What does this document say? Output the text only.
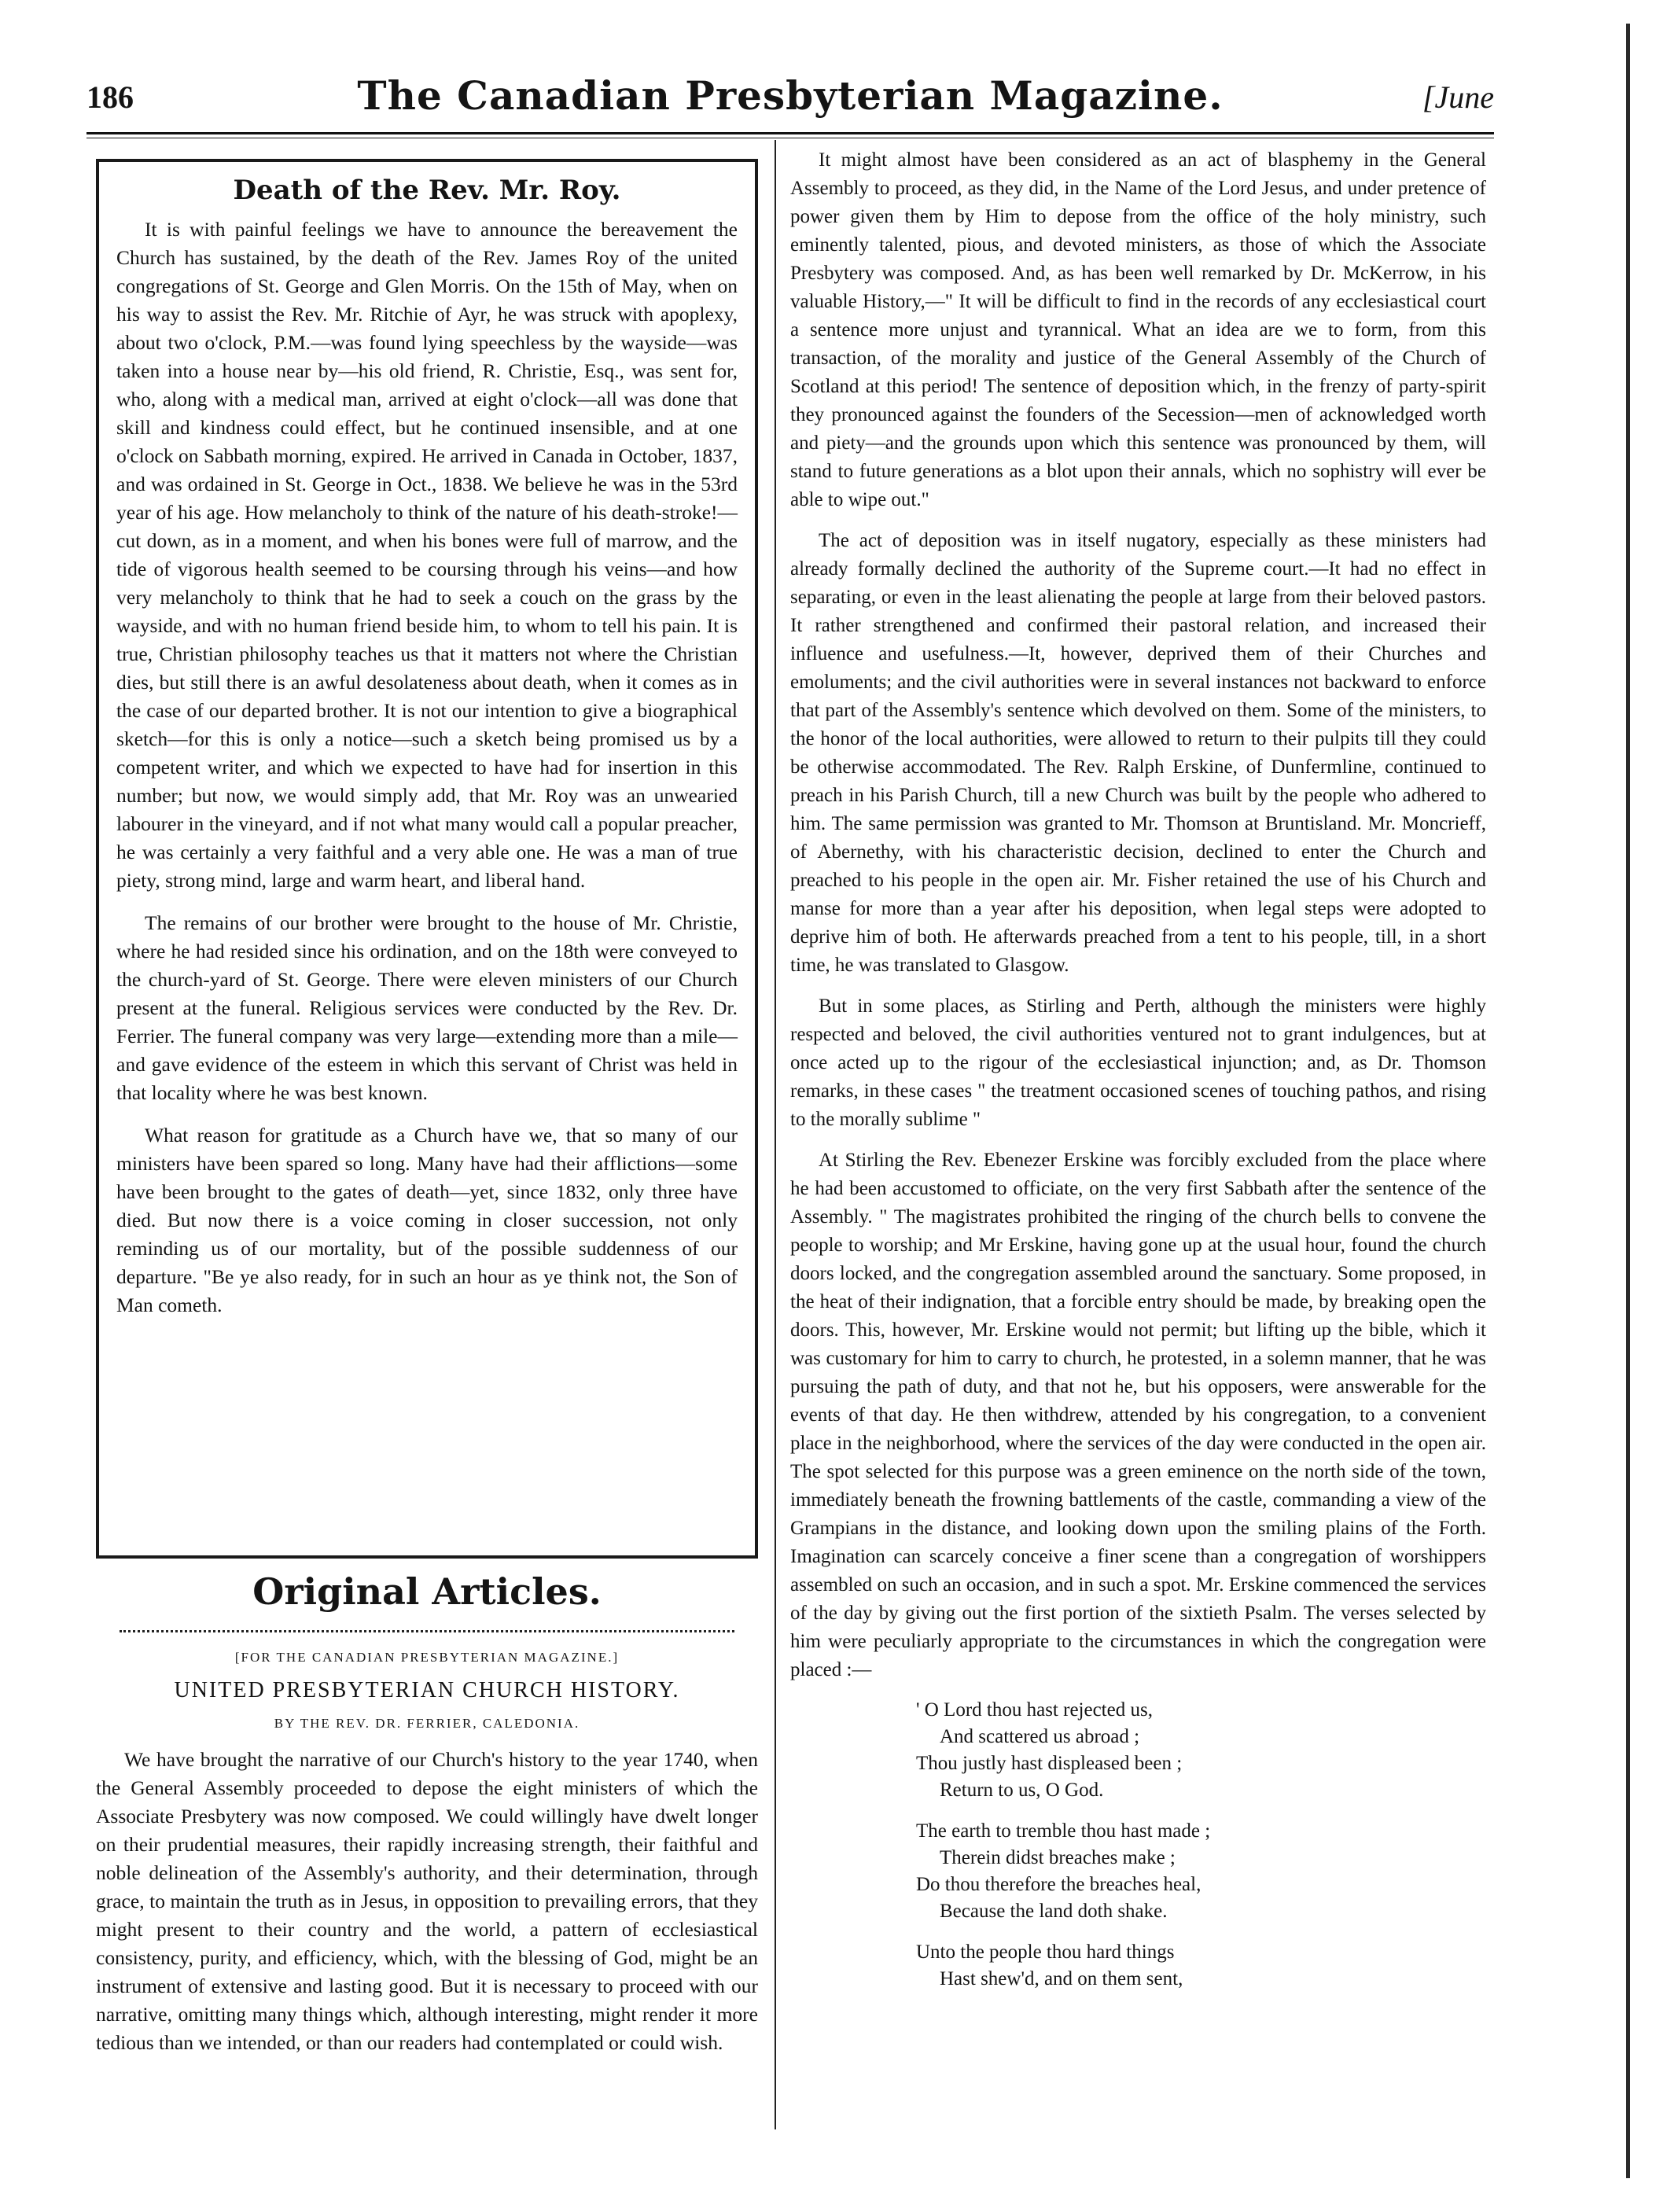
186	The Canadian Presbyterian Magazine.	[June
Death of the Rev. Mr. Roy.

It is with painful feelings we have to announce the bereavement the Church has sustained, by the death of the Rev. James Roy of the united congregations of St. George and Glen Morris. On the 15th of May, when on his way to assist the Rev. Mr. Ritchie of Ayr, he was struck with apoplexy, about two o'clock, P.M.—was found lying speechless by the wayside—was taken into a house near by—his old friend, R. Christie, Esq., was sent for, who, along with a medical man, arrived at eight o'clock—all was done that skill and kindness could effect, but he continued insensible, and at one o'clock on Sabbath morning, expired. He arrived in Canada in October, 1837, and was ordained in St. George in Oct., 1838. We believe he was in the 53rd year of his age. How melancholy to think of the nature of his death-stroke!—cut down, as in a moment, and when his bones were full of marrow, and the tide of vigorous health seemed to be coursing through his veins—and how very melancholy to think that he had to seek a couch on the grass by the wayside, and with no human friend beside him, to whom to tell his pain. It is true, Christian philosophy teaches us that it matters not where the Christian dies, but still there is an awful desolateness about death, when it comes as in the case of our departed brother. It is not our intention to give a biographical sketch—for this is only a notice—such a sketch being promised us by a competent writer, and which we expected to have had for insertion in this number; but now, we would simply add, that Mr. Roy was an unwearied labourer in the vineyard, and if not what many would call a popular preacher, he was certainly a very faithful and a very able one. He was a man of true piety, strong mind, large and warm heart, and liberal hand.

The remains of our brother were brought to the house of Mr. Christie, where he had resided since his ordination, and on the 18th were conveyed to the church-yard of St. George. There were eleven ministers of our Church present at the funeral. Religious services were conducted by the Rev. Dr. Ferrier. The funeral company was very large—extending more than a mile—and gave evidence of the esteem in which this servant of Christ was held in that locality where he was best known.

What reason for gratitude as a Church have we, that so many of our ministers have been spared so long. Many have had their afflictions—some have been brought to the gates of death—yet, since 1832, only three have died. But now there is a voice coming in closer succession, not only reminding us of our mortality, but of the possible suddenness of our departure. "Be ye also ready, for in such an hour as ye think not, the Son of Man cometh.

Original Articles.
[FOR THE CANADIAN PRESBYTERIAN MAGAZINE.]
UNITED PRESBYTERIAN CHURCH HISTORY.
BY THE REV. DR. FERRIER, CALEDONIA.

We have brought the narrative of our Church's history to the year 1740, when the General Assembly proceeded to depose the eight ministers of which the Associate Presbytery was now composed. We could willingly have dwelt longer on their prudential measures, their rapidly increasing strength, their faithful and noble delineation of the Assembly's authority, and their determination, through grace, to maintain the truth as in Jesus, in opposition to prevailing errors, that they might present to their country and the world, a pattern of ecclesiastical consistency, purity, and efficiency, which, with the blessing of God, might be an instrument of extensive and lasting good. But it is necessary to proceed with our narrative, omitting many things which, although interesting, might render it more tedious than we intended, or than our readers had contemplated or could wish.

It might almost have been considered as an act of blasphemy in the General Assembly to proceed, as they did, in the Name of the Lord Jesus, and under pretence of power given them by Him to depose from the office of the holy ministry, such eminently talented, pious, and devoted ministers, as those of which the Associate Presbytery was composed. And, as has been well remarked by Dr. McKerrow, in his valuable History,—" It will be difficult to find in the records of any ecclesiastical court a sentence more unjust and tyrannical. What an idea are we to form, from this transaction, of the morality and justice of the General Assembly of the Church of Scotland at this period! The sentence of deposition which, in the frenzy of party-spirit they pronounced against the founders of the Secession—men of acknowledged worth and piety—and the grounds upon which this sentence was pronounced by them, will stand to future generations as a blot upon their annals, which no sophistry will ever be able to wipe out."

The act of deposition was in itself nugatory, especially as these ministers had already formally declined the authority of the Supreme court.—It had no effect in separating, or even in the least alienating the people at large from their beloved pastors. It rather strengthened and confirmed their pastoral relation, and increased their influence and usefulness.—It, however, deprived them of their Churches and emoluments; and the civil authorities were in several instances not backward to enforce that part of the Assembly's sentence which devolved on them. Some of the ministers, to the honor of the local authorities, were allowed to return to their pulpits till they could be otherwise accommodated. The Rev. Ralph Erskine, of Dunfermline, continued to preach in his Parish Church, till a new Church was built by the people who adhered to him. The same permission was granted to Mr. Thomson at Bruntisland. Mr. Moncrieff, of Abernethy, with his characteristic decision, declined to enter the Church and preached to his people in the open air. Mr. Fisher retained the use of his Church and manse for more than a year after his deposition, when legal steps were adopted to deprive him of both. He afterwards preached from a tent to his people, till, in a short time, he was translated to Glasgow.

But in some places, as Stirling and Perth, although the ministers were highly respected and beloved, the civil authorities ventured not to grant indulgences, but at once acted up to the rigour of the ecclesiastical injunction; and, as Dr. Thomson remarks, in these cases " the treatment occasioned scenes of touching pathos, and rising to the morally sublime "

At Stirling the Rev. Ebenezer Erskine was forcibly excluded from the place where he had been accustomed to officiate, on the very first Sabbath after the sentence of the Assembly. " The magistrates prohibited the ringing of the church bells to convene the people to worship; and Mr Erskine, having gone up at the usual hour, found the church doors locked, and the congregation assembled around the sanctuary. Some proposed, in the heat of their indignation, that a forcible entry should be made, by breaking open the doors. This, however, Mr. Erskine would not permit; but lifting up the bible, which it was customary for him to carry to church, he protested, in a solemn manner, that he was pursuing the path of duty, and that not he, but his opposers, were answerable for the events of that day. He then withdrew, attended by his congregation, to a convenient place in the neighborhood, where the services of the day were conducted in the open air. The spot selected for this purpose was a green eminence on the north side of the town, immediately beneath the frowning battlements of the castle, commanding a view of the Grampians in the distance, and looking down upon the smiling plains of the Forth. Imagination can scarcely conceive a finer scene than a congregation of worshippers assembled on such an occasion, and in such a spot. Mr. Erskine commenced the services of the day by giving out the first portion of the sixtieth Psalm. The verses selected by him were peculiarly appropriate to the circumstances in which the congregation were placed :—

' O Lord thou hast rejected us,

And scattered us abroad ;

Thou justly hast displeased been ;

Return to us, O God.

The earth to tremble thou hast made ;

Therein didst breaches make ;

Do thou therefore the breaches heal,

Because the land doth shake.

Unto the people thou hard things

Hast shew'd, and on them sent,
